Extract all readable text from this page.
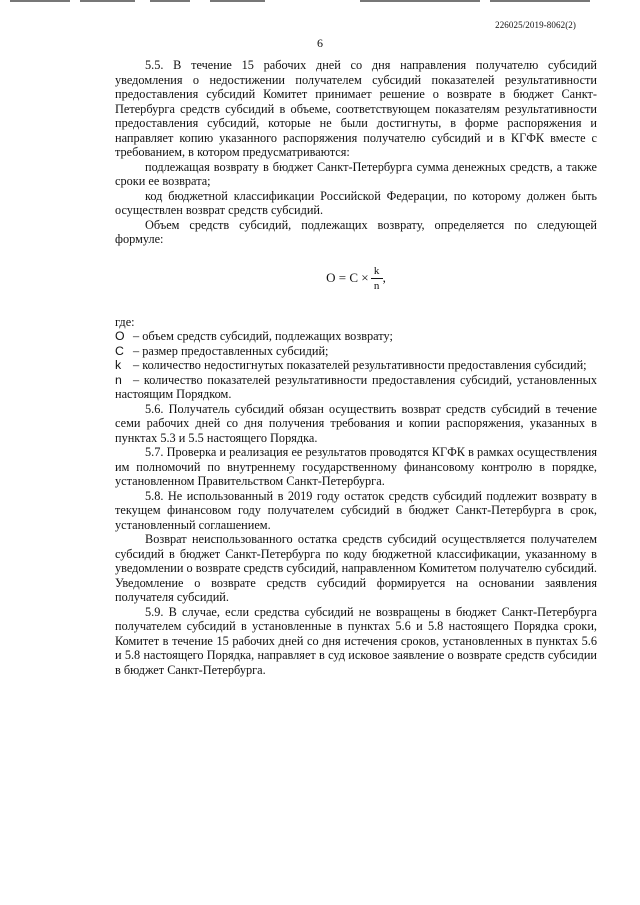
226025/2019-8062(2)
6

5.5. В течение 15 рабочих дней со дня направления получателю субсидий уведомления о недостижении получателем субсидий показателей результативности предоставления субсидий Комитет принимает решение о возврате в бюджет Санкт-Петербурга средств субсидий в объеме, соответствующем показателям результативности предоставления субсидий, которые не были достигнуты, в форме распоряжения и направляет копию указанного распоряжения получателю субсидий и в КГФК вместе с требованием, в котором предусматриваются:

подлежащая возврату в бюджет Санкт-Петербурга сумма денежных средств, а также сроки ее возврата;

код бюджетной классификации Российской Федерации, по которому должен быть осуществлен возврат средств субсидий.

Объем средств субсидий, подлежащих возврату, определяется по следующей формуле:

$О = С \times \frac{k}{n}$ ,

где:

О – объем средств субсидий, подлежащих возврату;

С – размер предоставленных субсидий;

k – количество недостигнутых показателей результативности предоставления субсидий;

n – количество показателей результативности предоставления субсидий, установленных настоящим Порядком.

5.6. Получатель субсидий обязан осуществить возврат средств субсидий в течение семи рабочих дней со дня получения требования и копии распоряжения, указанных в пунктах 5.3 и 5.5 настоящего Порядка.

5.7. Проверка и реализация ее результатов проводятся КГФК в рамках осуществления им полномочий по внутреннему государственному финансовому контролю в порядке, установленном Правительством Санкт-Петербурга.

5.8. Не использованный в 2019 году остаток средств субсидий подлежит возврату в текущем финансовом году получателем субсидий в бюджет Санкт-Петербурга в срок, установленный соглашением.

Возврат неиспользованного остатка средств субсидий осуществляется получателем субсидий в бюджет Санкт-Петербурга по коду бюджетной классификации, указанному в уведомлении о возврате средств субсидий, направленном Комитетом получателю субсидий. Уведомление о возврате средств субсидий формируется на основании заявления получателя субсидий.

5.9. В случае, если средства субсидий не возвращены в бюджет Санкт-Петербурга получателем субсидий в установленные в пунктах 5.6 и 5.8 настоящего Порядка сроки, Комитет в течение 15 рабочих дней со дня истечения сроков, установленных в пунктах 5.6 и 5.8 настоящего Порядка, направляет в суд исковое заявление о возврате средств субсидии в бюджет Санкт-Петербурга.
